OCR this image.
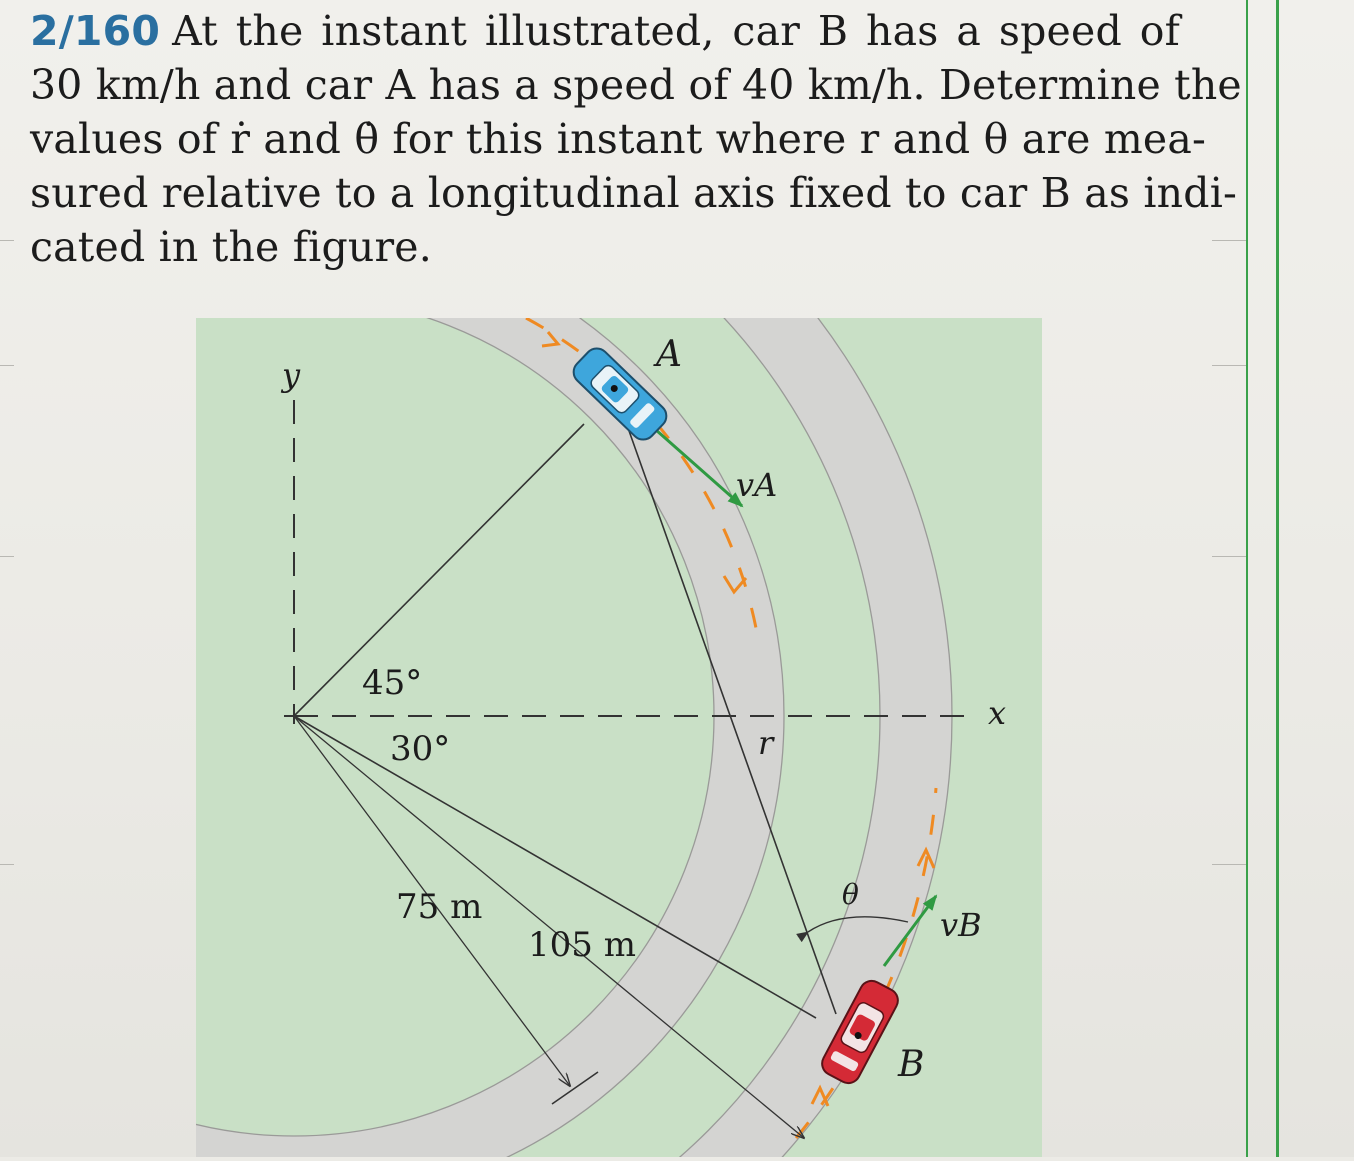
2/160 At the instant illustrated, car B has a speed of
30 km/h and car A has a speed of 40 km/h. Determine the
values of ṙ and θ̇ for this instant where r and θ are mea-
sured relative to a longitudinal axis fixed to car B as indi-
cated in the figure.
y
x
45°
30°	r
θ
A
B
vA
vB
75 m
105 m
